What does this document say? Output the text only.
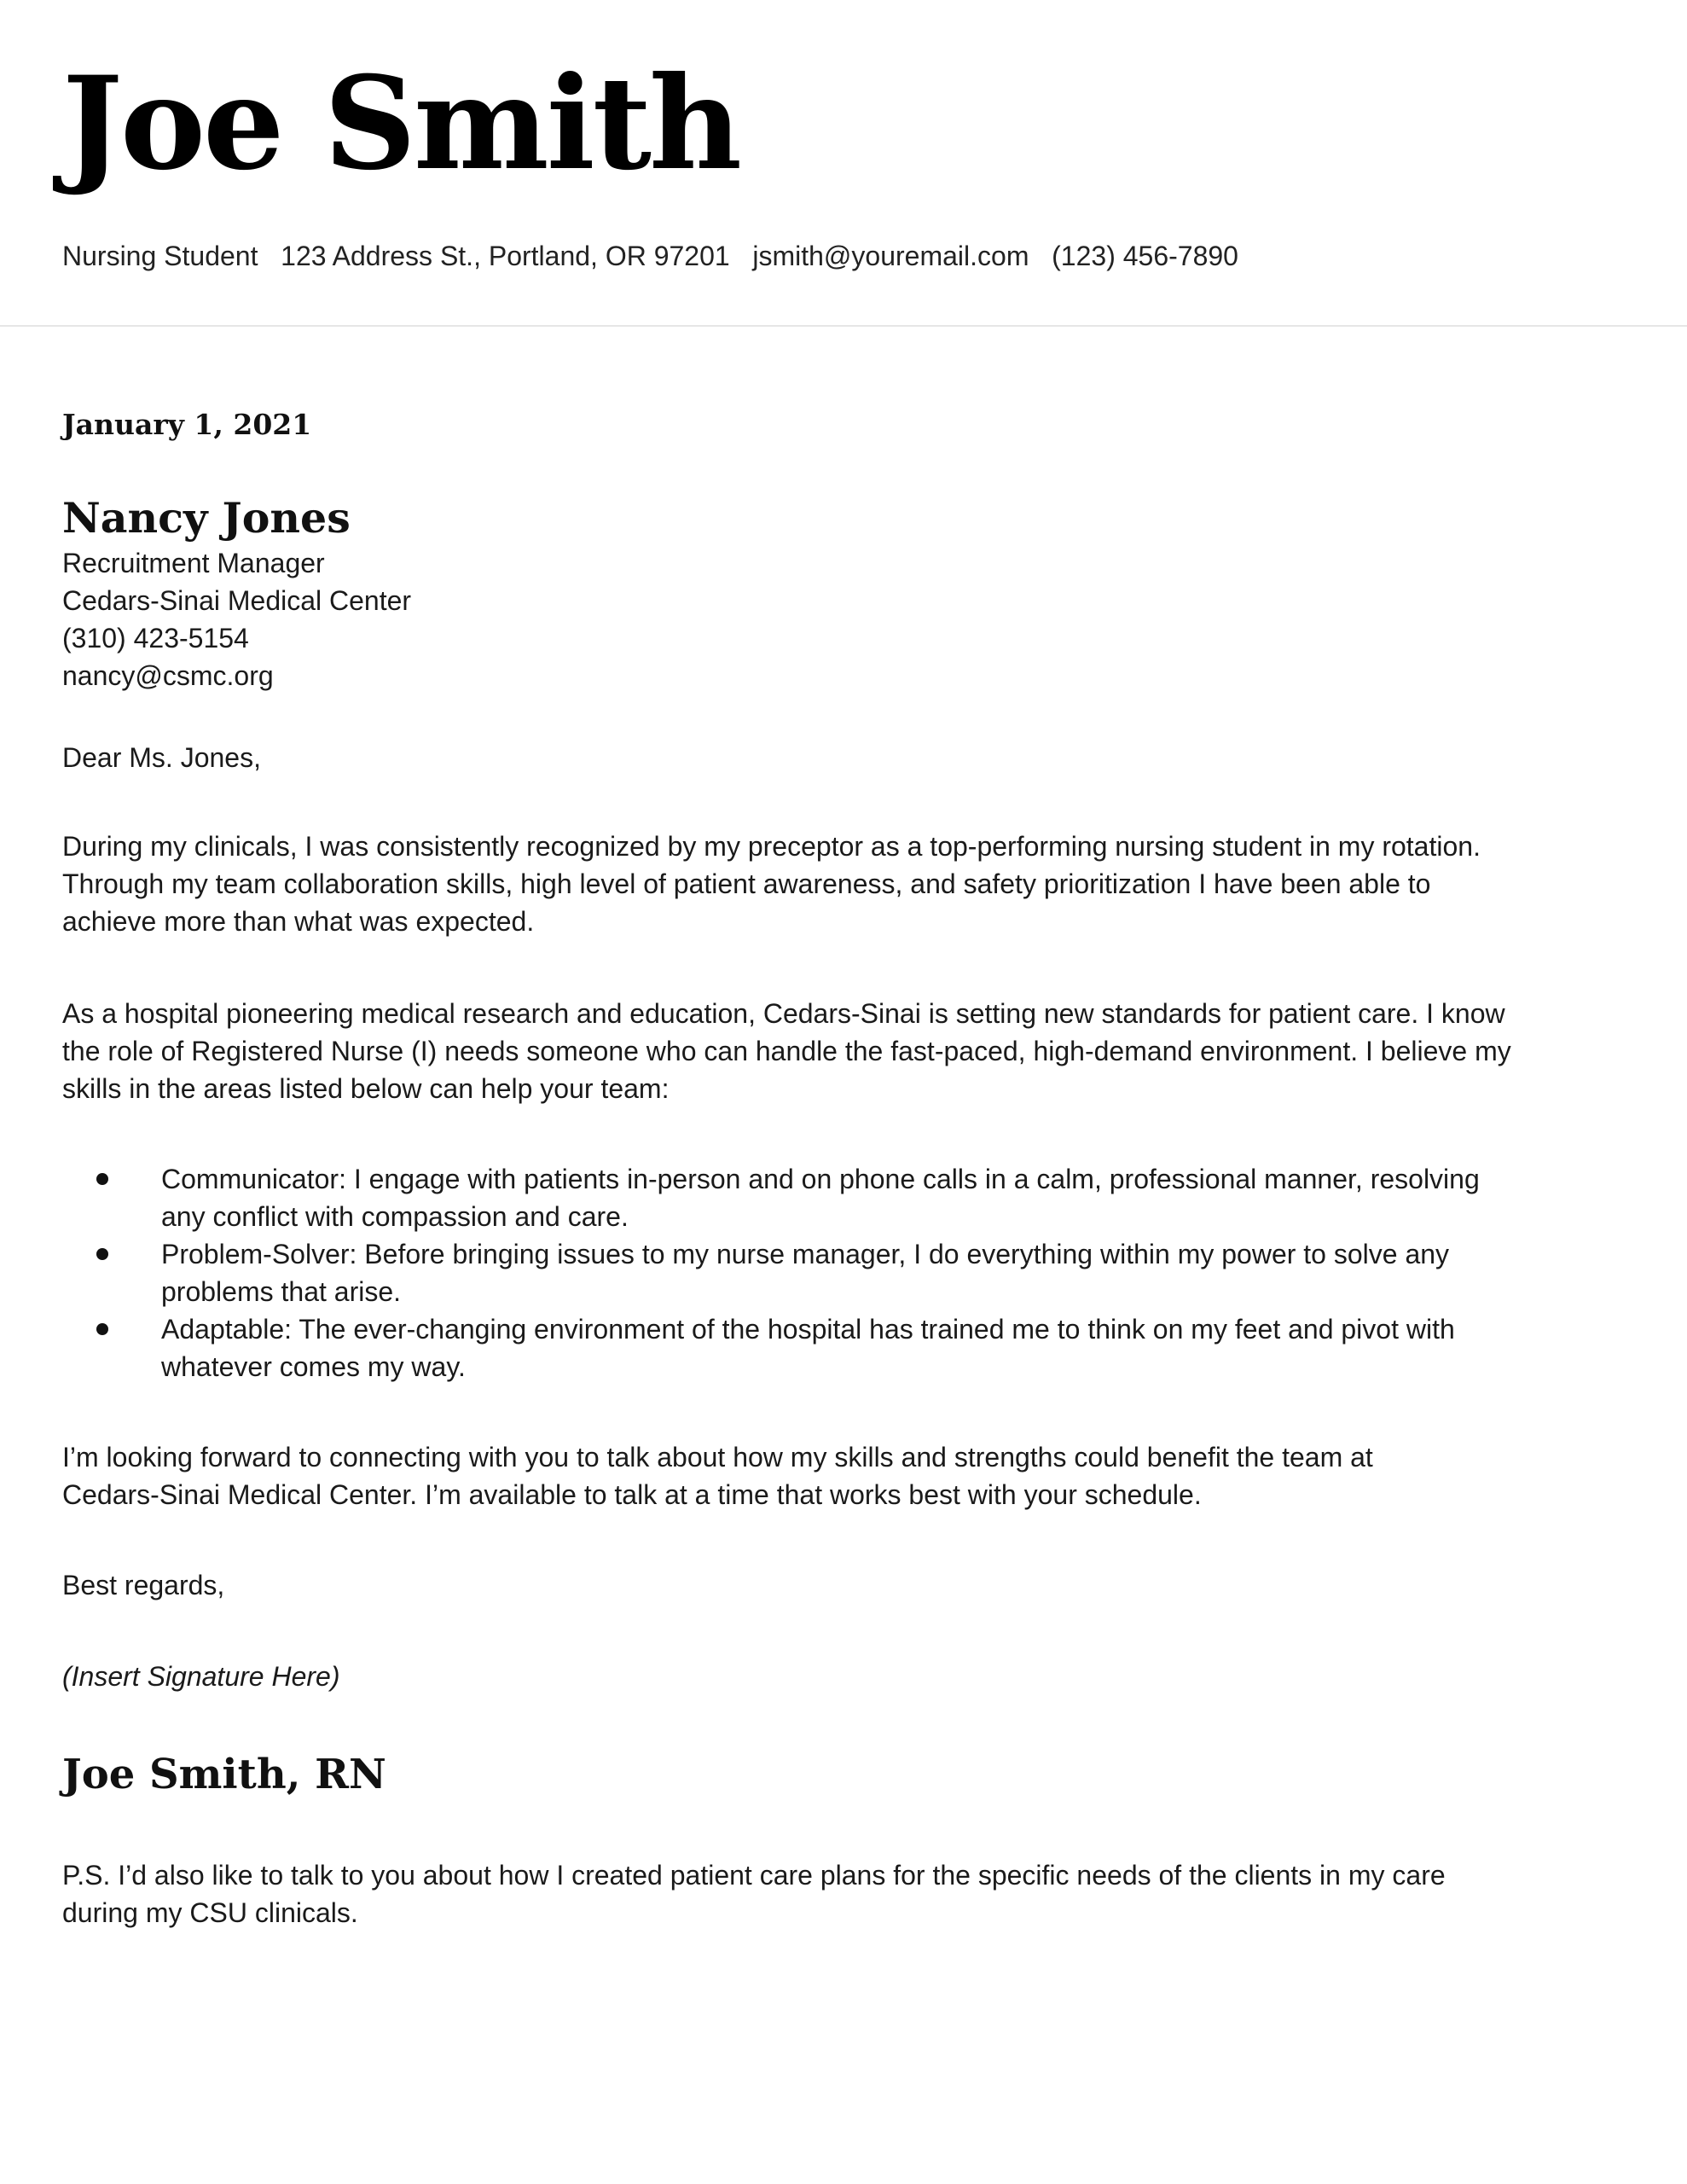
Joe Smith
Nursing Student 123 Address St., Portland, OR 97201 jsmith@youremail.com (123) 456-7890
January 1, 2021
Nancy Jones
Recruitment Manager
Cedars-Sinai Medical Center
(310) 423-5154
nancy@csmc.org
Dear Ms. Jones,
During my clinicals, I was consistently recognized by my preceptor as a top-performing nursing student in my rotation.
Through my team collaboration skills, high level of patient awareness, and safety prioritization I have been able to
achieve more than what was expected.
As a hospital pioneering medical research and education, Cedars-Sinai is setting new standards for patient care. I know
the role of Registered Nurse (I) needs someone who can handle the fast-paced, high-demand environment. I believe my
skills in the areas listed below can help your team:
Communicator: I engage with patients in-person and on phone calls in a calm, professional manner, resolving
any conflict with compassion and care.
Problem-Solver: Before bringing issues to my nurse manager, I do everything within my power to solve any
problems that arise.
Adaptable: The ever-changing environment of the hospital has trained me to think on my feet and pivot with
whatever comes my way.
I’m looking forward to connecting with you to talk about how my skills and strengths could benefit the team at
Cedars-Sinai Medical Center. I’m available to talk at a time that works best with your schedule.
Best regards,
(Insert Signature Here)
Joe Smith, RN
P.S. I’d also like to talk to you about how I created patient care plans for the specific needs of the clients in my care
during my CSU clinicals.
